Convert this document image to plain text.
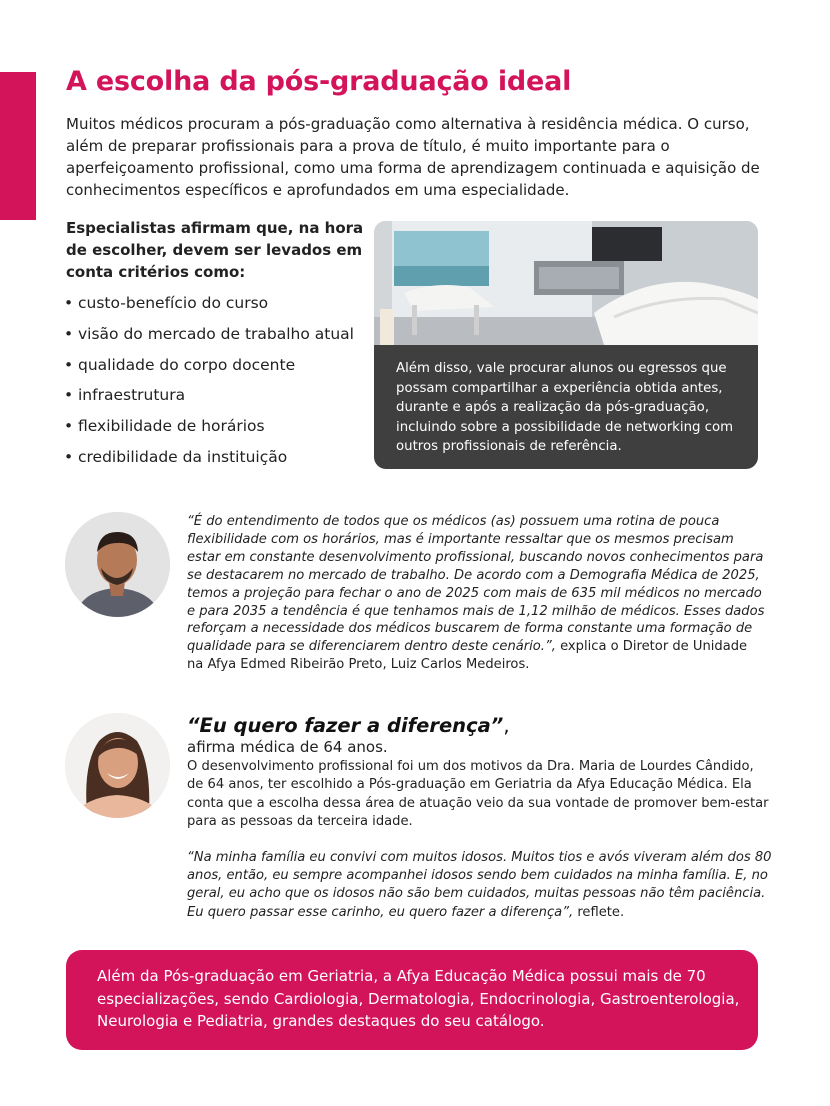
A escolha da pós-graduação ideal

Muitos médicos procuram a pós-graduação como alternativa à residência médica. O curso, além de preparar profissionais para a prova de título, é muito importante para o aperfeiçoamento profissional, como uma forma de aprendizagem continuada e aquisição de conhecimentos específicos e aprofundados em uma especialidade.

Especialistas afirmam que, na hora de escolher, devem ser levados em conta critérios como:

• custo-benefício do curso
• visão do mercado de trabalho atual
• qualidade do corpo docente
• infraestrutura
• flexibilidade de horários
• credibilidade da instituição

Além disso, vale procurar alunos ou egressos que possam compartilhar a experiência obtida antes, durante e após a realização da pós-graduação, incluindo sobre a possibilidade de networking com outros profissionais de referência.

“É do entendimento de todos que os médicos (as) possuem uma rotina de pouca flexibilidade com os horários, mas é importante ressaltar que os mesmos precisam estar em constante desenvolvimento profissional, buscando novos conhecimentos para se destacarem no mercado de trabalho. De acordo com a Demografia Médica de 2025, temos a projeção para fechar o ano de 2025 com mais de 635 mil médicos no mercado e para 2035 a tendência é que tenhamos mais de 1,12 milhão de médicos. Esses dados reforçam a necessidade dos médicos buscarem de forma constante uma formação de qualidade para se diferenciarem dentro deste cenário.”, explica o Diretor de Unidade na Afya Edmed Ribeirão Preto, Luiz Carlos Medeiros.
“Eu quero fazer a diferença”,
afirma médica de 64 anos.

O desenvolvimento profissional foi um dos motivos da Dra. Maria de Lourdes Cândido, de 64 anos, ter escolhido a Pós-graduação em Geriatria da Afya Educação Médica. Ela conta que a escolha dessa área de atuação veio da sua vontade de promover bem-estar para as pessoas da terceira idade.

“Na minha família eu convivi com muitos idosos. Muitos tios e avós viveram além dos 80 anos, então, eu sempre acompanhei idosos sendo bem cuidados na minha família. E, no geral, eu acho que os idosos não são bem cuidados, muitas pessoas não têm paciência. Eu quero passar esse carinho, eu quero fazer a diferença”, reflete.

Além da Pós-graduação em Geriatria, a Afya Educação Médica possui mais de 70 especializações, sendo Cardiologia, Dermatologia, Endocrinologia, Gastroenterologia, Neurologia e Pediatria, grandes destaques do seu catálogo.
